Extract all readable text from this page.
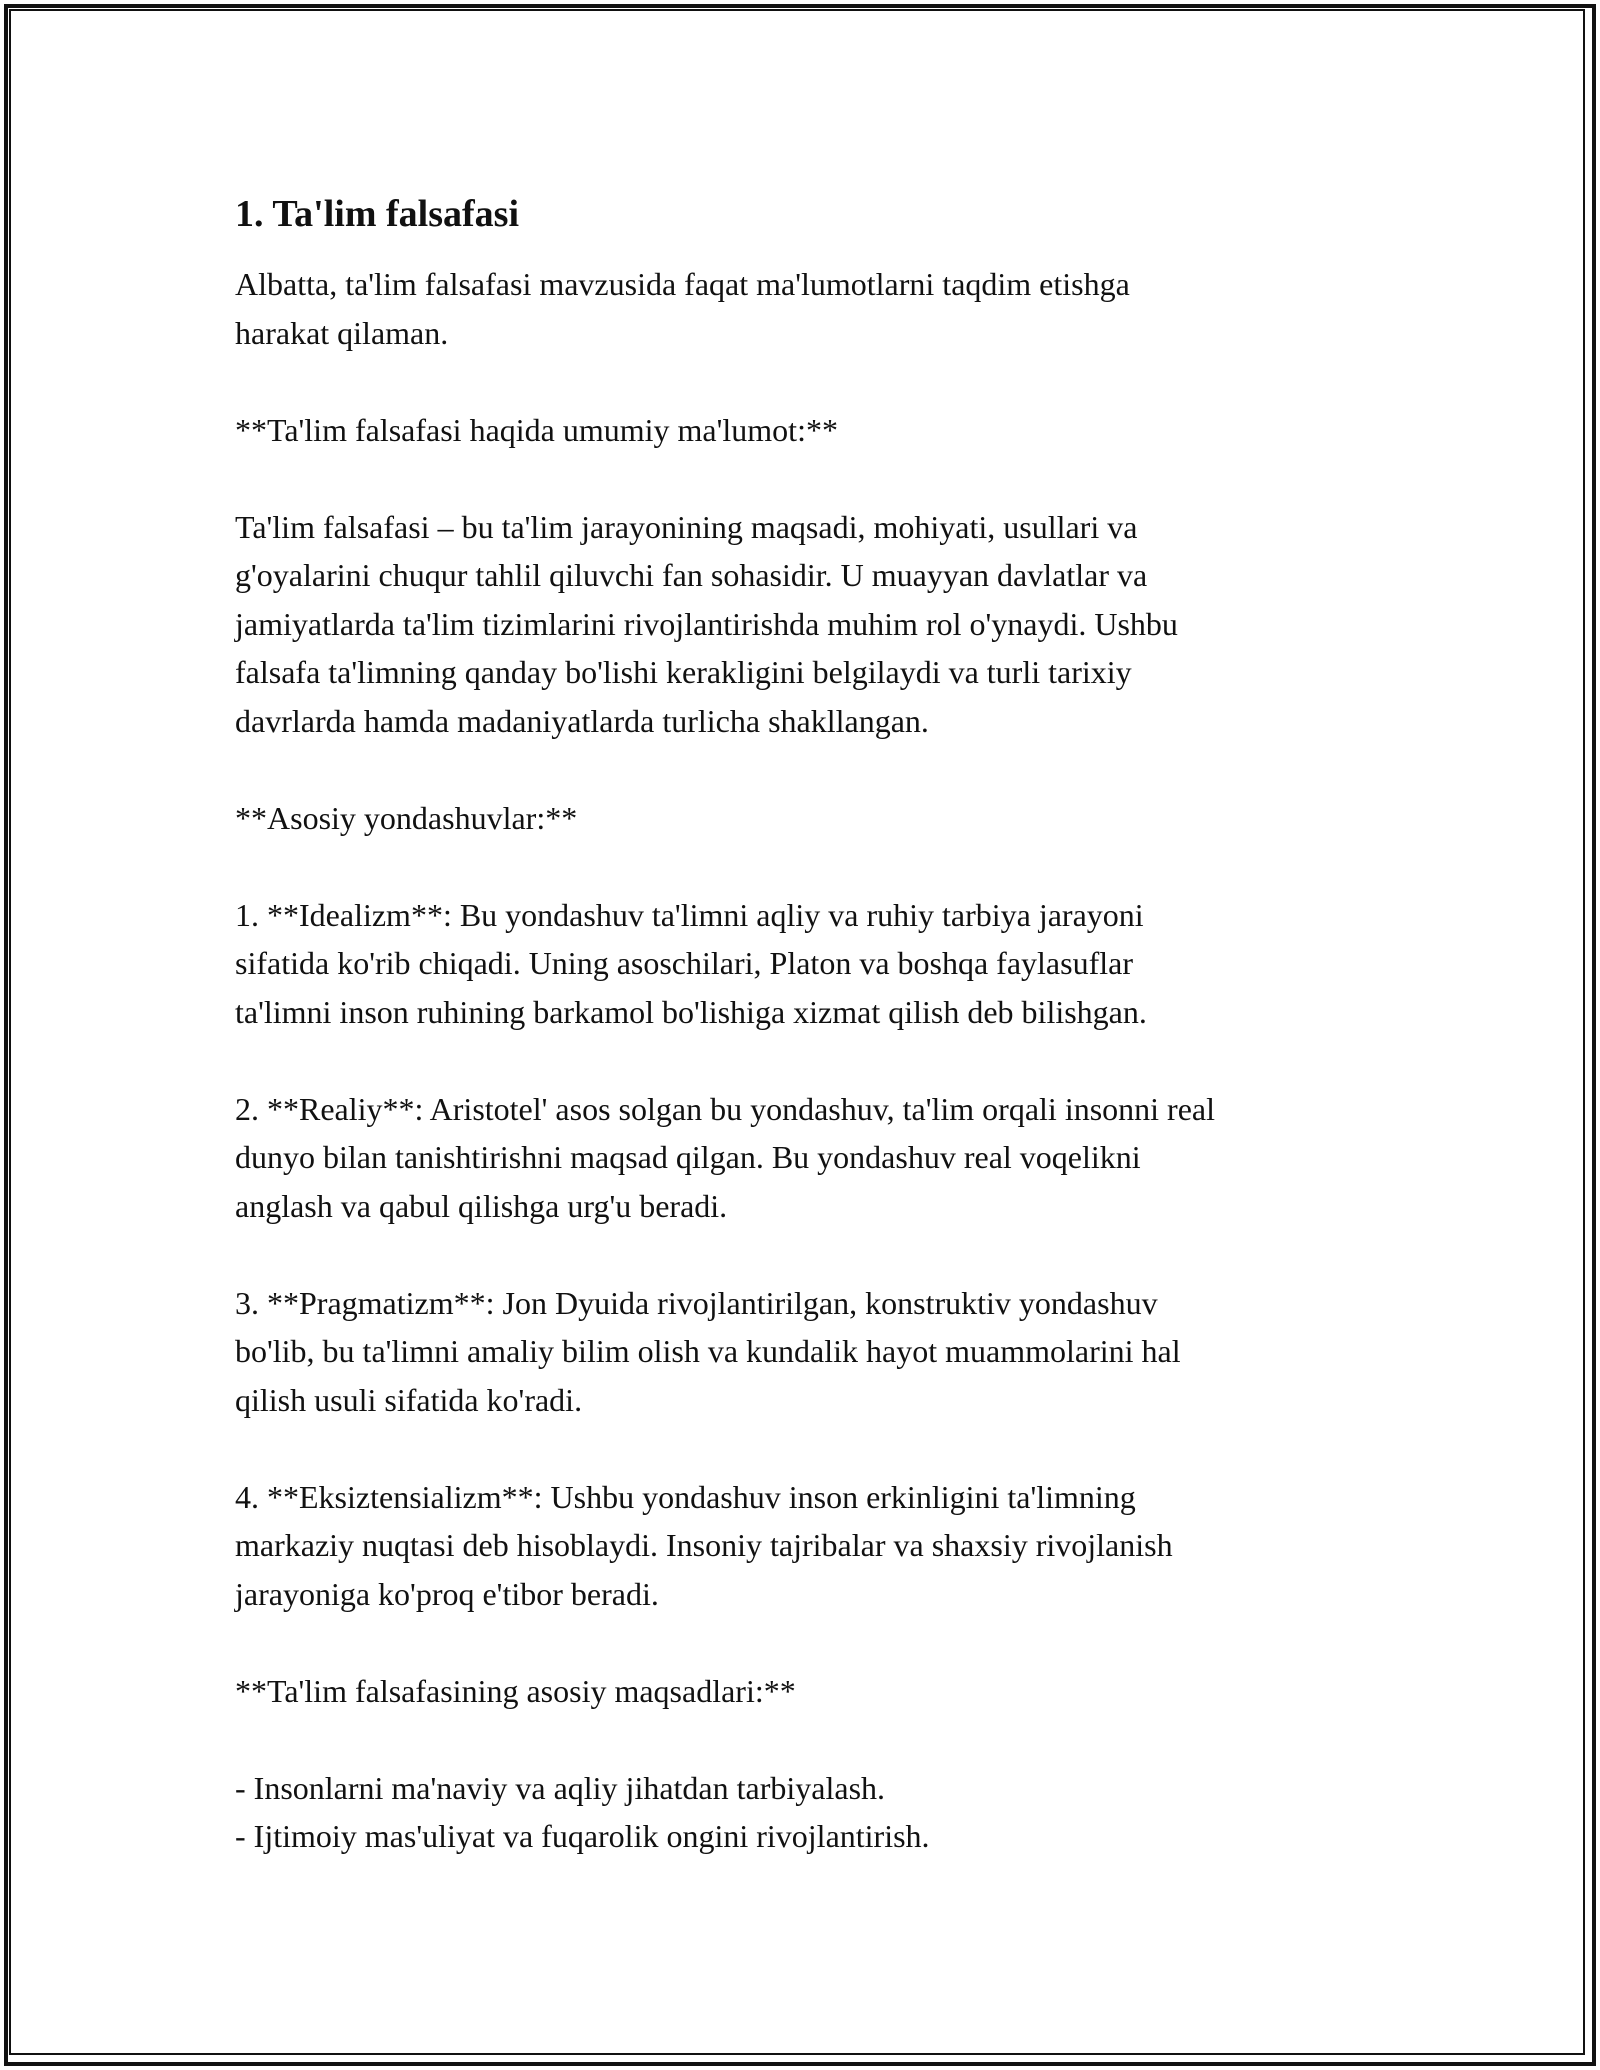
1. Ta'lim falsafasi
Albatta, ta'lim falsafasi mavzusida faqat ma'lumotlarni taqdim etishga
harakat qilaman.
**Ta'lim falsafasi haqida umumiy ma'lumot:**
Ta'lim falsafasi – bu ta'lim jarayonining maqsadi, mohiyati, usullari va
g'oyalarini chuqur tahlil qiluvchi fan sohasidir. U muayyan davlatlar va
jamiyatlarda ta'lim tizimlarini rivojlantirishda muhim rol o'ynaydi. Ushbu
falsafa ta'limning qanday bo'lishi kerakligini belgilaydi va turli tarixiy
davrlarda hamda madaniyatlarda turlicha shakllangan.
**Asosiy yondashuvlar:**
1. **Idealizm**: Bu yondashuv ta'limni aqliy va ruhiy tarbiya jarayoni
sifatida ko'rib chiqadi. Uning asoschilari, Platon va boshqa faylasuflar
ta'limni inson ruhining barkamol bo'lishiga xizmat qilish deb bilishgan.
2. **Realiy**: Aristotel' asos solgan bu yondashuv, ta'lim orqali insonni real
dunyo bilan tanishtirishni maqsad qilgan. Bu yondashuv real voqelikni
anglash va qabul qilishga urg'u beradi.
3. **Pragmatizm**: Jon Dyuida rivojlantirilgan, konstruktiv yondashuv
bo'lib, bu ta'limni amaliy bilim olish va kundalik hayot muammolarini hal
qilish usuli sifatida ko'radi.
4. **Eksiztensializm**: Ushbu yondashuv inson erkinligini ta'limning
markaziy nuqtasi deb hisoblaydi. Insoniy tajribalar va shaxsiy rivojlanish
jarayoniga ko'proq e'tibor beradi.
**Ta'lim falsafasining asosiy maqsadlari:**
- Insonlarni ma'naviy va aqliy jihatdan tarbiyalash.
- Ijtimoiy mas'uliyat va fuqarolik ongini rivojlantirish.
